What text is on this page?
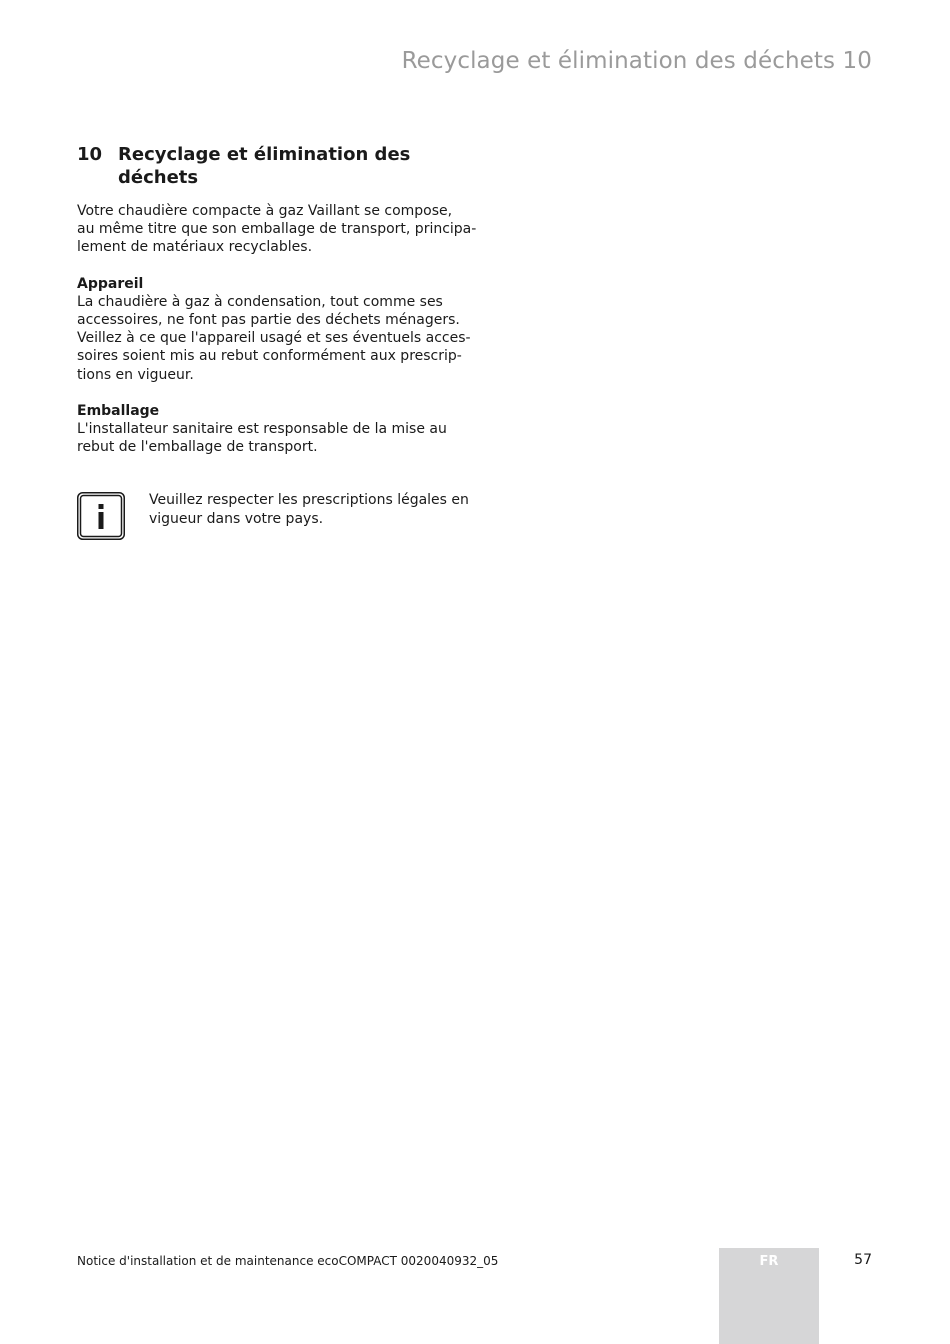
Recyclage et élimination des déchets 10
10 Recyclage et élimination des déchets

Votre chaudière compacte à gaz Vaillant se compose,
au même titre que son emballage de transport, principa-
lement de matériaux recyclables.

Appareil

La chaudière à gaz à condensation, tout comme ses
accessoires, ne font pas partie des déchets ménagers.
Veillez à ce que l'appareil usagé et ses éventuels acces-
soires soient mis au rebut conformément aux prescrip-
tions en vigueur.

Emballage

L'installateur sanitaire est responsable de la mise au
rebut de l'emballage de transport.

Veuillez respecter les prescriptions légales en
vigueur dans votre pays.
Notice d'installation et de maintenance ecoCOMPACT 0020040932_05	FR	57
